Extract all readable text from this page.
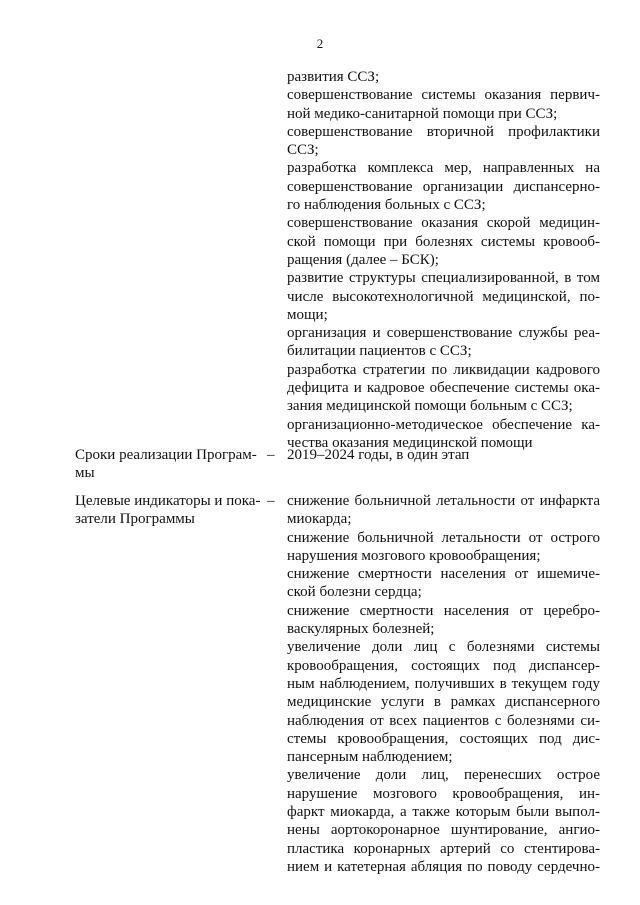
2
развития ССЗ;
совершенствование системы оказания первич-
ной медико-санитарной помощи при ССЗ;
совершенствование вторичной профилактики
ССЗ;
разработка комплекса мер, направленных на
совершенствование организации диспансерно-
го наблюдения больных с ССЗ;
совершенствование оказания скорой медицин-
ской помощи при болезнях системы кровооб-
ращения (далее – БСК);
развитие структуры специализированной, в том
числе высокотехнологичной медицинской, по-
мощи;
организация и совершенствование службы реа-
билитации пациентов с ССЗ;
разработка стратегии по ликвидации кадрового
дефицита и кадровое обеспечение системы ока-
зания медицинской помощи больным с ССЗ;
организационно-методическое обеспечение ка-
чества оказания медицинской помощи
Сроки реализации Програм-
мы
– 2019–2024 годы, в один этап
Целевые индикаторы и пока-
затели Программы
– снижение больничной летальности от инфаркта
миокарда;
снижение больничной летальности от острого
нарушения мозгового кровообращения;
снижение смертности населения от ишемиче-
ской болезни сердца;
снижение смертности населения от церебро-
васкулярных болезней;
увеличение доли лиц с болезнями системы
кровообращения, состоящих под диспансер-
ным наблюдением, получивших в текущем году
медицинские услуги в рамках диспансерного
наблюдения от всех пациентов с болезнями си-
стемы кровообращения, состоящих под дис-
пансерным наблюдением;
увеличение доли лиц, перенесших острое
нарушение мозгового кровообращения, ин-
фаркт миокарда, а также которым были выпол-
нены аортокоронарное шунтирование, ангио-
пластика коронарных артерий со стентирова-
нием и катетерная абляция по поводу сердечно-
